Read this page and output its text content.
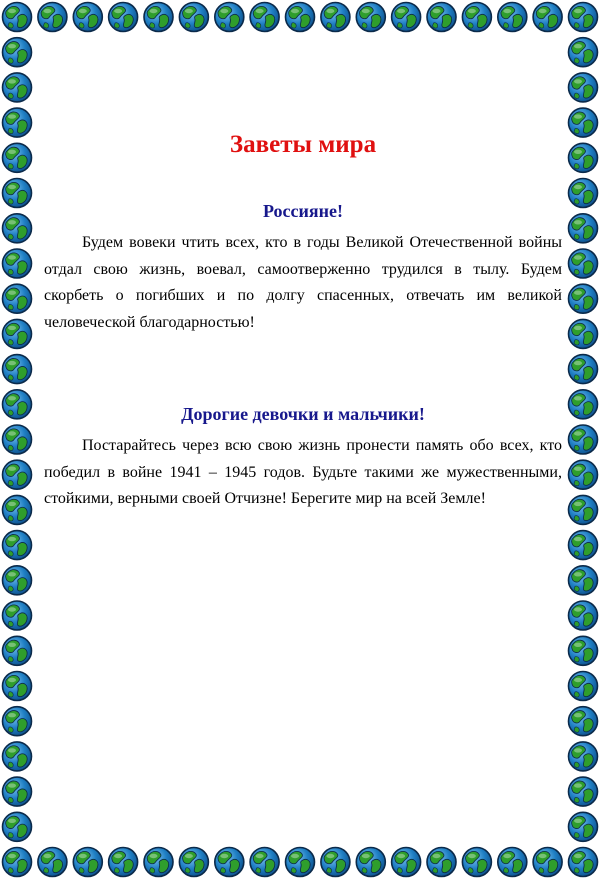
Заветы мира
Россияне!

Будем вовеки чтить всех, кто в годы Великой Отечественной войны отдал свою жизнь, воевал, самоотверженно трудился в тылу. Будем скорбеть о погибших и по долгу спасенных, отвечать им великой человеческой благодарностью!

Дорогие девочки и мальчики!

Постарайтесь через всю свою жизнь пронести память обо всех, кто победил в войне 1941 – 1945 годов. Будьте такими же мужественными, стойкими, верными своей Отчизне! Берегите мир на всей Земле!
